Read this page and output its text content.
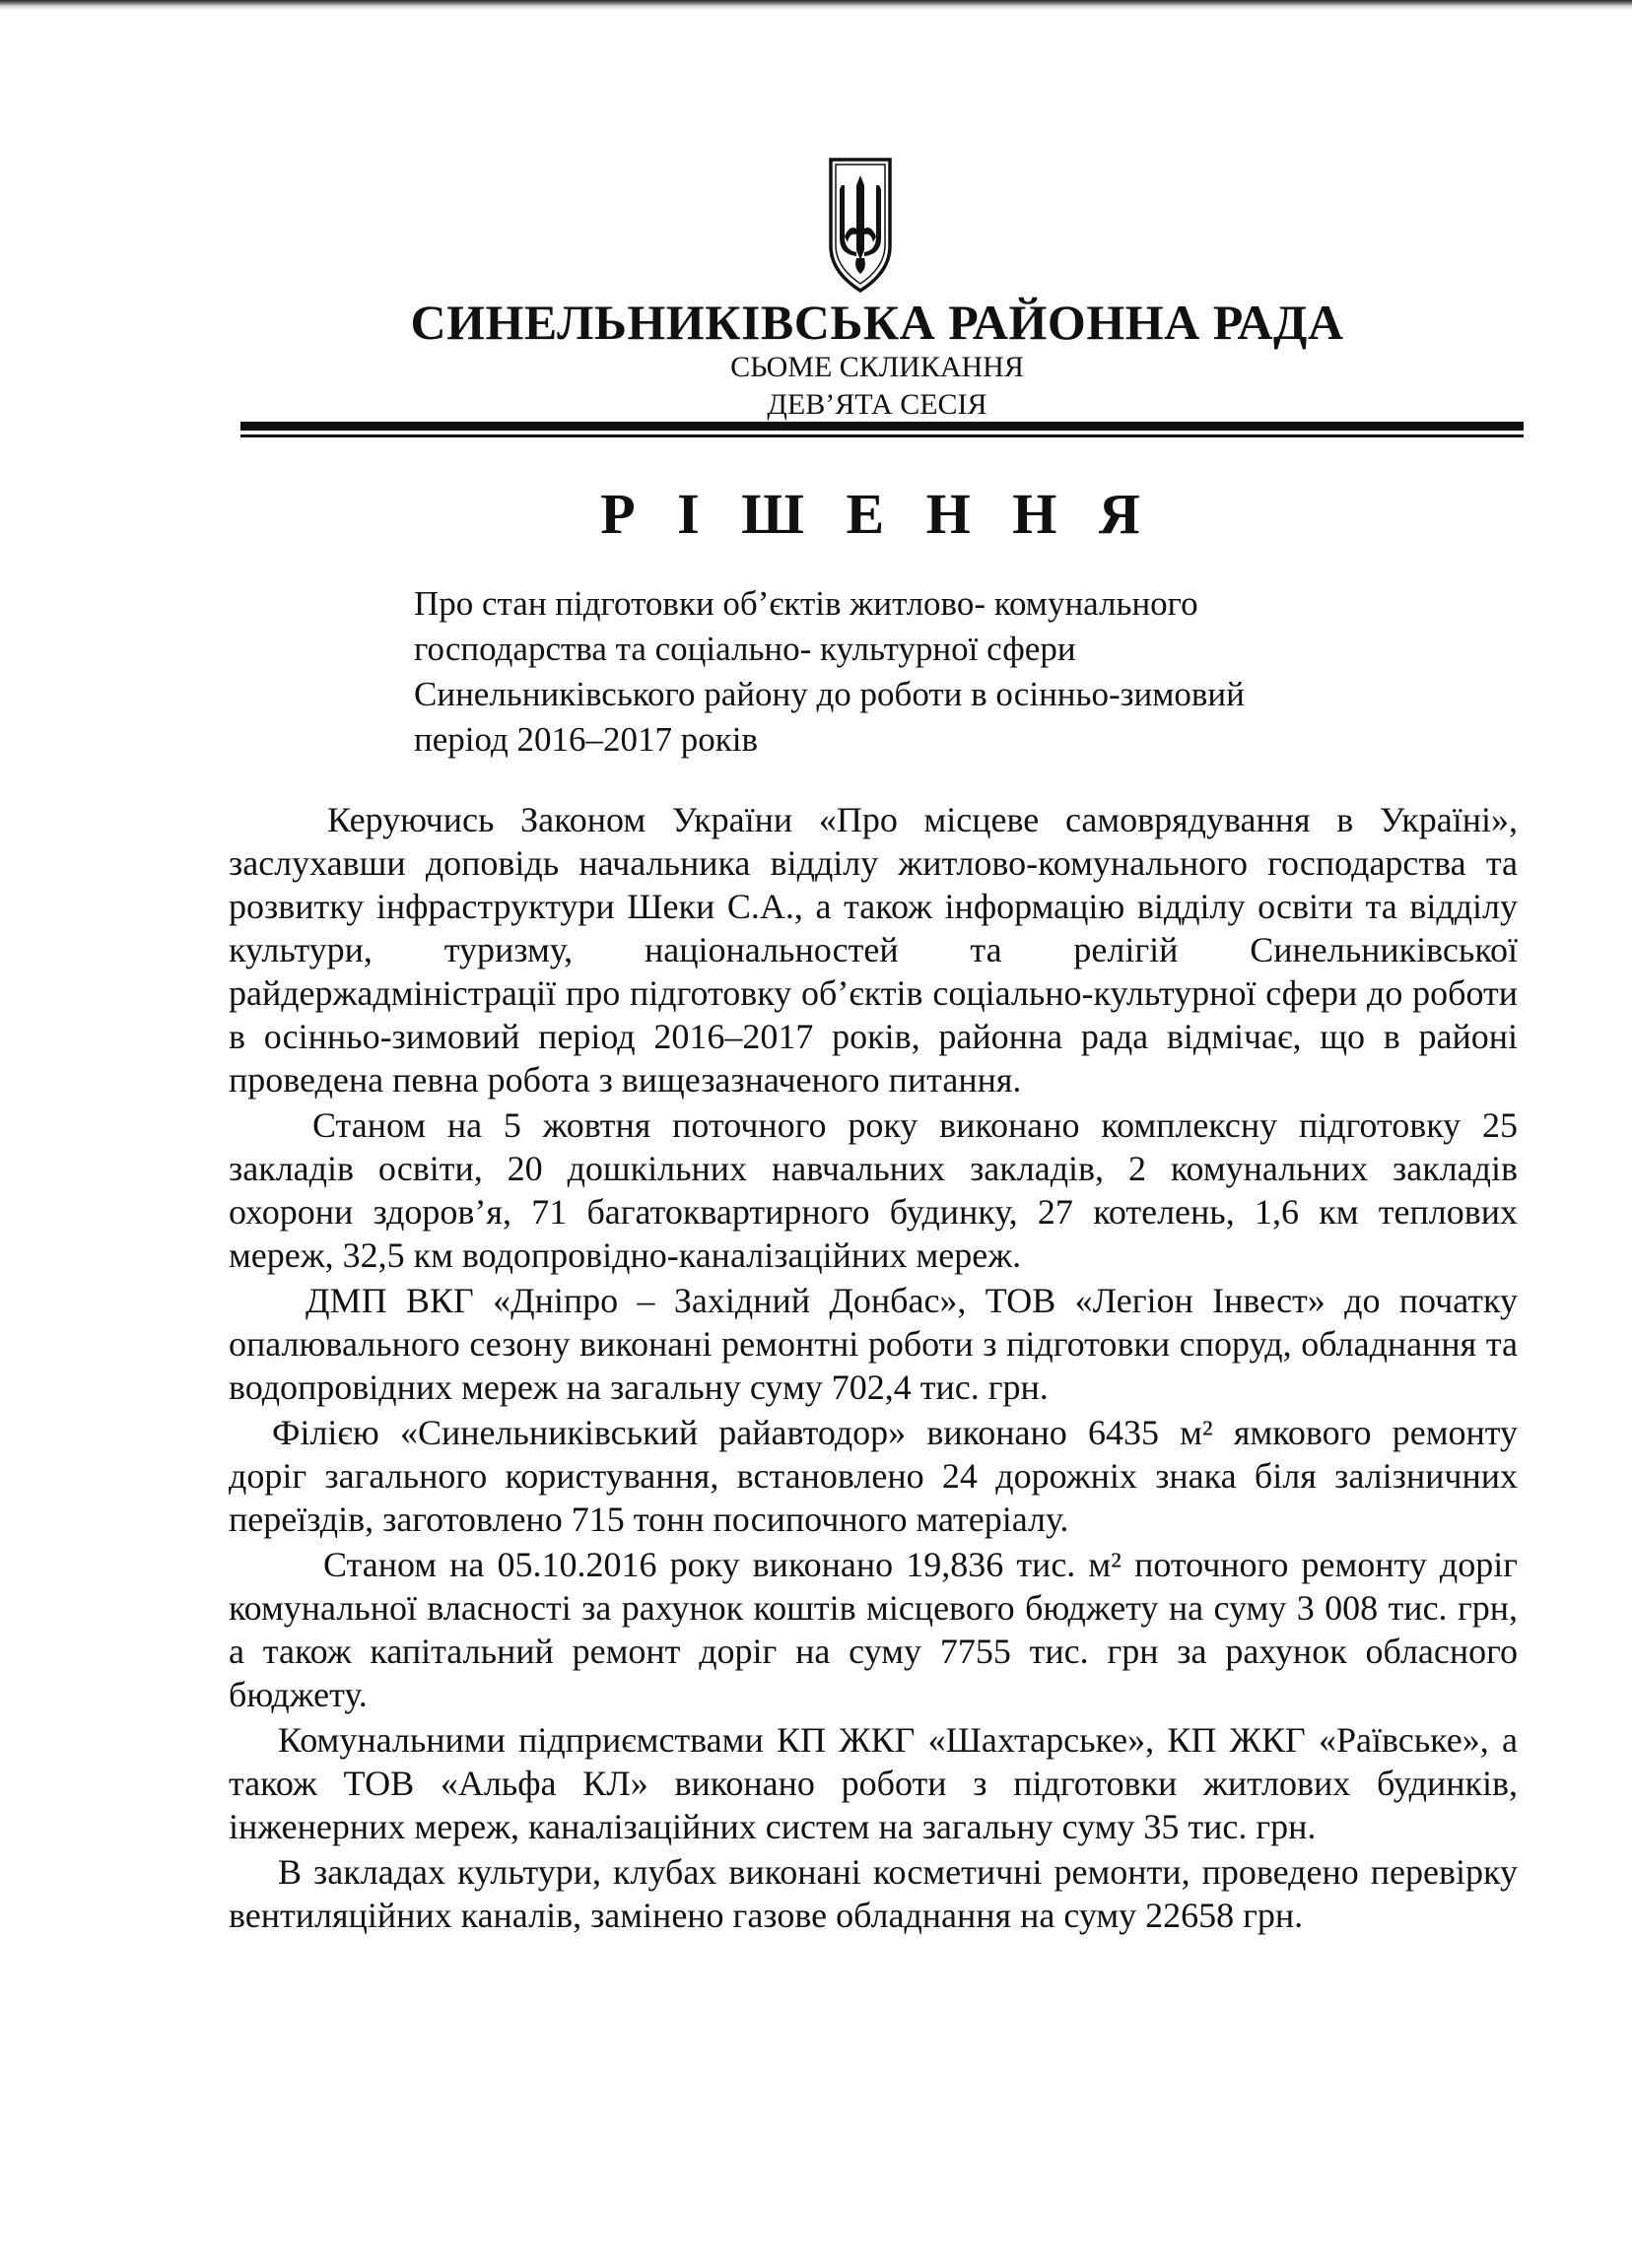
СИНЕЛЬНИКІВСЬКА РАЙОННА РАДА
СЬОМЕ СКЛИКАННЯ
ДЕВ’ЯТА СЕСІЯ
Р І Ш Е Н Н Я
Про стан підготовки об’єктів житлово- комунального
господарства та соціально- культурної сфери
Синельниківського району до роботи в осінньо-зимовий
період 2016–2017 років

Керуючись Законом України «Про місцеве самоврядування в Україні», заслухавши доповідь начальника відділу житлово-комунального господарства та розвитку інфраструктури Шеки С.А., а також інформацію відділу освіти та відділу культури, туризму, національностей та релігій Синельниківської райдержадміністрації про підготовку об’єктів соціально-культурної сфери до роботи в осінньо-зимовий період 2016–2017 років, районна рада відмічає, що в районі проведена певна робота з вищезазначеного питання.

Станом на 5 жовтня поточного року виконано комплексну підготовку 25 закладів освіти, 20 дошкільних навчальних закладів, 2 комунальних закладів охорони здоров’я, 71 багатоквартирного будинку, 27 котелень, 1,6 км теплових мереж, 32,5 км водопровідно-каналізаційних мереж.

ДМП ВКГ «Дніпро – Західний Донбас», ТОВ «Легіон Інвест» до початку опалювального сезону виконані ремонтні роботи з підготовки споруд, обладнання та водопровідних мереж на загальну суму 702,4 тис. грн.

Філією «Синельниківський райавтодор» виконано 6435 м² ямкового ремонту доріг загального користування, встановлено 24 дорожніх знака біля залізничних переїздів, заготовлено 715 тонн посипочного матеріалу.

Станом на 05.10.2016 року виконано 19,836 тис. м² поточного ремонту доріг комунальної власності за рахунок коштів місцевого бюджету на суму 3 008 тис. грн, а також капітальний ремонт доріг на суму 7755 тис. грн за рахунок обласного бюджету.

Комунальними підприємствами КП ЖКГ «Шахтарське», КП ЖКГ «Раївське», а також ТОВ «Альфа КЛ» виконано роботи з підготовки житлових будинків, інженерних мереж, каналізаційних систем на загальну суму 35 тис. грн.

В закладах культури, клубах виконані косметичні ремонти, проведено перевірку вентиляційних каналів, замінено газове обладнання на суму 22658 грн.
